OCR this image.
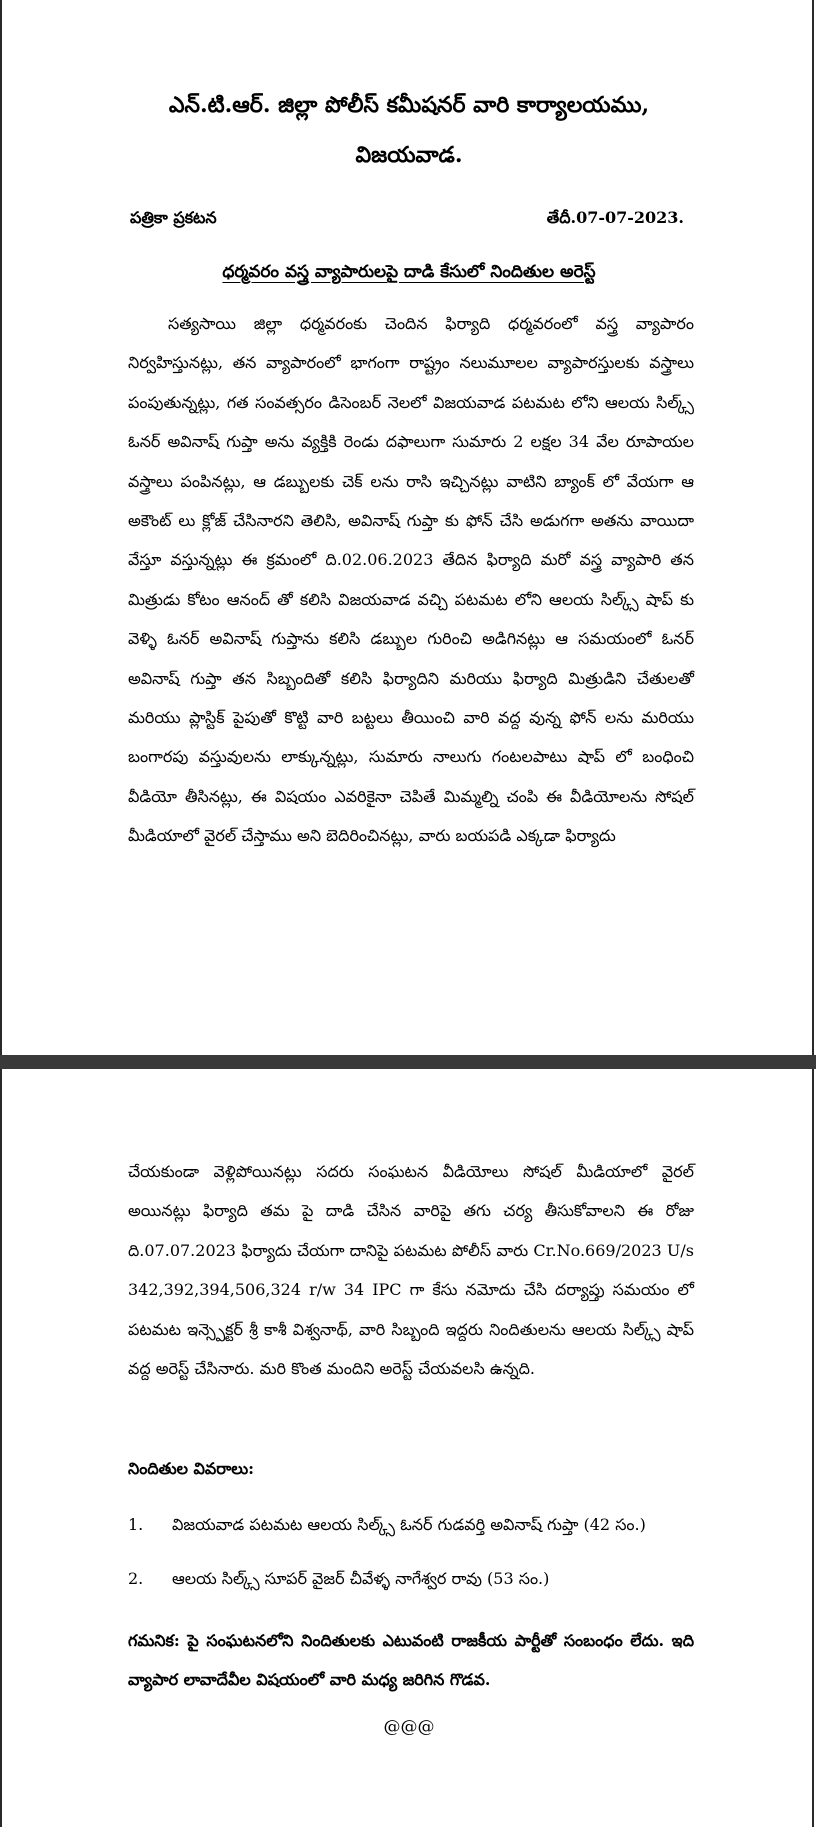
ఎన్.టి.ఆర్. జిల్లా పోలీస్ కమీషనర్ వారి కార్యాలయము,
విజయవాడ.
పత్రికా ప్రకటన	తేదీ.07-07-2023.
ధర్మవరం వస్త్ర వ్యాపారులపై దాడి కేసులో నిందితుల అరెస్ట్
సత్యసాయి జిల్లా ధర్మవరంకు చెందిన ఫిర్యాది ధర్మవరంలో వస్త్ర వ్యాపారం నిర్వహిస్తునట్లు, తన వ్యాపారంలో భాగంగా రాష్ట్రం నలుమూలల వ్యాపారస్తులకు వస్త్రాలు పంపుతున్నట్లు, గత సంవత్సరం డిసెంబర్ నెలలో విజయవాడ పటమట లోని ఆలయ సిల్క్స్ ఓనర్ అవినాష్ గుప్తా అను వ్యక్తికి రెండు దఫాలుగా సుమారు 2 లక్షల 34 వేల రూపాయల వస్త్రాలు పంపినట్లు, ఆ డబ్బులకు చెక్ లను రాసి ఇచ్చినట్లు వాటిని బ్యాంక్ లో వేయగా ఆ అకౌంట్ లు క్లోజ్ చేసినారని తెలిసి, అవినాష్ గుప్తా కు ఫోన్ చేసి అడుగగా అతను వాయిదా వేస్తూ వస్తున్నట్లు ఈ క్రమంలో ది.02.06.2023 తేదిన ఫిర్యాది మరో వస్త్ర వ్యాపారి తన మిత్రుడు కోటం ఆనంద్ తో కలిసి విజయవాడ వచ్చి పటమట లోని ఆలయ సిల్క్స్ షాప్ కు వెళ్ళి ఓనర్ అవినాష్ గుప్తాను కలిసి డబ్బుల గురించి అడిగినట్లు ఆ సమయంలో ఓనర్ అవినాష్ గుప్తా తన సిబ్బందితో కలిసి ఫిర్యాదిని మరియు ఫిర్యాది మిత్రుడిని చేతులతో మరియు ప్లాస్టిక్ పైపుతో కొట్టి వారి బట్టలు తీయించి వారి వద్ద వున్న ఫోన్ లను మరియు బంగారపు వస్తువులను లాక్కున్నట్లు, సుమారు నాలుగు గంటలపాటు షాప్ లో బంధించి వీడియో తీసినట్లు, ఈ విషయం ఎవరికైనా చెపితే మిమ్మల్ని చంపి ఈ వీడియోలను సోషల్ మీడియాలో వైరల్ చేస్తాము అని బెదిరించినట్లు, వారు బయపడి ఎక్కడా ఫిర్యాదు
చేయకుండా వెళ్లిపోయినట్లు సదరు సంఘటన వీడియోలు సోషల్ మీడియాలో వైరల్ అయినట్లు ఫిర్యాది తమ పై దాడి చేసిన వారిపై తగు చర్య తీసుకోవాలని ఈ రోజు ది.07.07.2023 ఫిర్యాదు చేయగా దానిపై పటమట పోలీస్ వారు Cr.No.669/2023 U/s 342,392,394,506,324 r/w 34 IPC గా కేసు నమోదు చేసి దర్యాప్తు సమయం లో పటమట ఇన్స్పెక్టర్ శ్రీ కాశీ విశ్వనాథ్, వారి సిబ్బంది ఇద్దరు నిందితులను ఆలయ సిల్క్స్ షాప్ వద్ద అరెస్ట్ చేసినారు. మరి కొంత మందిని అరెస్ట్ చేయవలసి ఉన్నది.
నిందితుల వివరాలు:
1. విజయవాడ పటమట ఆలయ సిల్క్స్ ఓనర్ గుడవర్తి అవినాష్ గుప్తా (42 సం.)
2. ఆలయ సిల్క్స్ సూపర్ వైజర్ చీవేళ్ళ నాగేశ్వర రావు (53 సం.)
గమనిక: పై సంఘటనలోని నిందితులకు ఎటువంటి రాజకీయ పార్టీతో సంబంధం లేదు. ఇది వ్యాపార లావాదేవీల విషయంలో వారి మధ్య జరిగిన గొడవ.
@@@
